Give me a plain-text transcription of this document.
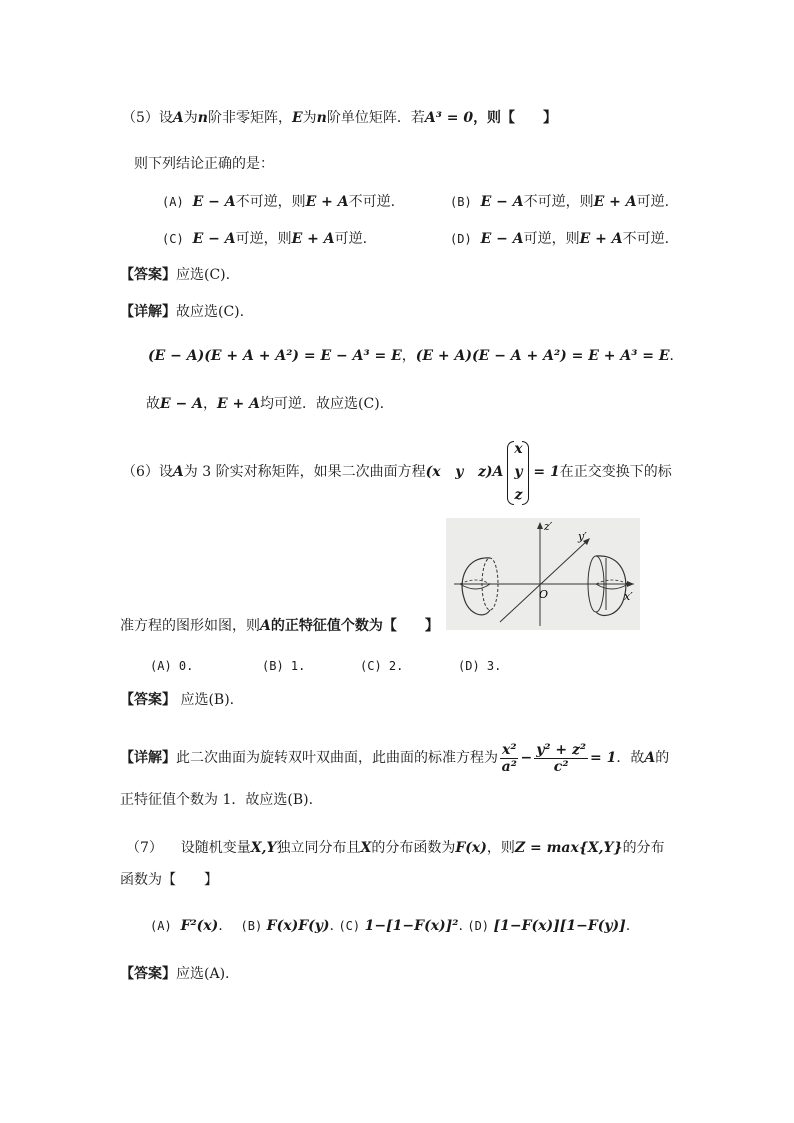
（5）设A为n阶非零矩阵，E为n阶单位矩阵．若A³ = 0，则【　　】
则下列结论正确的是：
(A) E − A不可逆，则E + A不可逆.	(B) E − A不可逆，则E + A可逆.
(C) E − A可逆，则E + A可逆.	(D) E − A可逆，则E + A不可逆.
【答案】应选(C).
【详解】故应选(C).
(E − A)(E + A + A²) = E − A³ = E，(E + A)(E − A + A²) = E + A³ = E．
故E − A，E + A均可逆．故应选(C).
（6）设A为 3 阶实对称矩阵，如果二次曲面方程(x   y   z)A
x
y
z
= 1在正交变换下的标
z′
y′
x′
O
准方程的图形如图，则A的正特征值个数为【　　】
(A) 0.	(B) 1.	(C) 2.	(D) 3.
【答案】 应选(B).
【详解】此二次曲面为旋转双叶双曲面，此曲面的标准方程为 $\frac{\text{x²}}{\text{a²}} - \frac{\text{y² + z²}}{\text{c²}} = 1$．故A的
正特征值个数为 1．故应选(B).
（7） 设随机变量X,Y独立同分布且X的分布函数为F(x)，则Z = max{X,Y}的分布
函数为【　　】
(A) F²(x). (B) F(x)F(y). (C) 1−[1−F(x)]². (D) [1−F(x)][1−F(y)].
【答案】应选(A).
